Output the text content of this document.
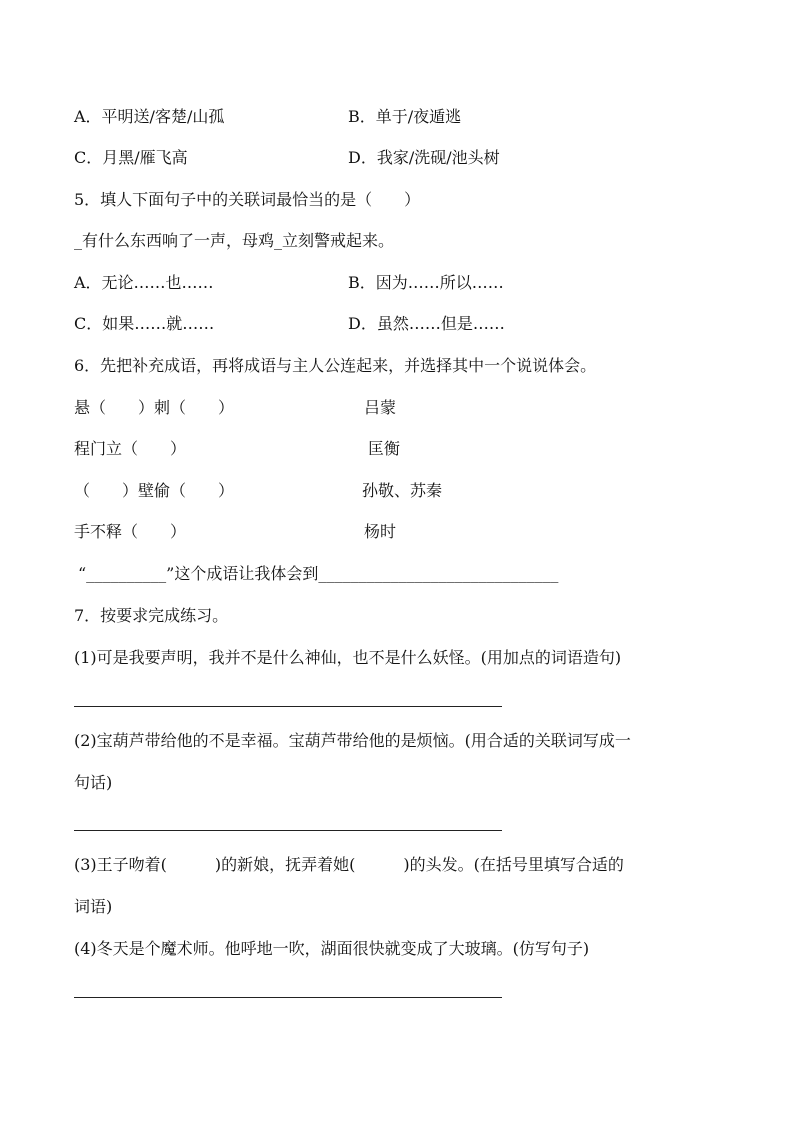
A．平明送/客楚/山孤	B．单于/夜遁逃
C．月黑/雁飞高	D．我家/洗砚/池头树
5．填人下面句子中的关联词最恰当的是（　　）
_有什么东西响了一声，母鸡_立刻警戒起来。
A．无论……也……	B．因为……所以……
C．如果……就……	D．虽然……但是……
6．先把补充成语，再将成语与主人公连起来，并选择其中一个说说体会。
悬（　　）刺（　　）	吕蒙
程门立（　　）	匡衡
（　　）壁偷（　　）	孙敬、苏秦
手不释（　　）	杨时
“__________”这个成语让我体会到______________________________
7．按要求完成练习。
(1)可是我要声明，我并不是什么神仙，也不是什么妖怪。(用加点的词语造句)
(2)宝葫芦带给他的不是幸福。宝葫芦带给他的是烦恼。(用合适的关联词写成一
句话)
(3)王子吻着(　　　)的新娘，抚弄着她(　　　)的头发。(在括号里填写合适的
词语)
(4)冬天是个魔术师。他呼地一吹，湖面很快就变成了大玻璃。(仿写句子)
